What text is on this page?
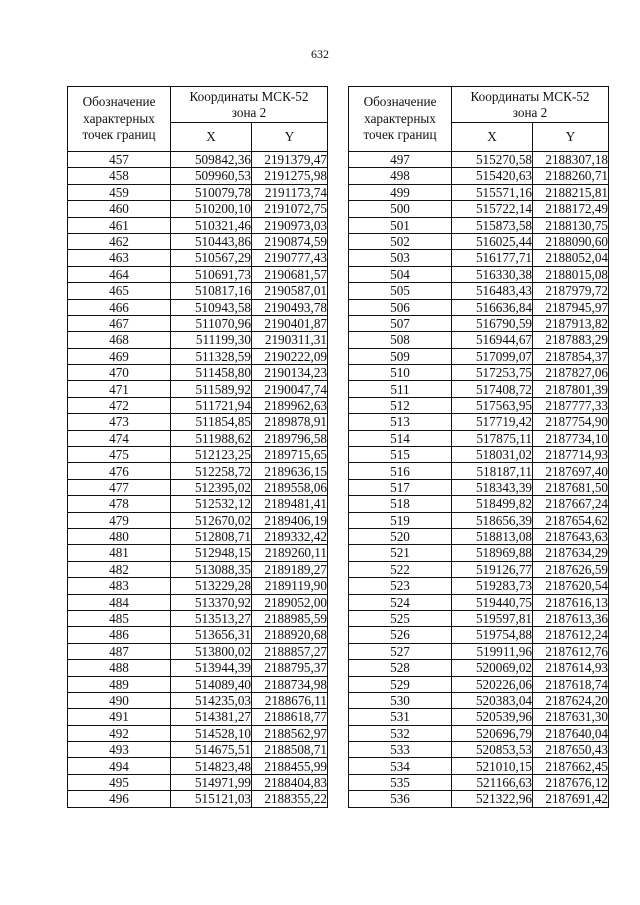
632
Обозначение
характерных
точек границ	Координаты МСК-52
зона 2	

	X	Y
457	509842,36	2191379,47
458	509960,53	2191275,98
459	510079,78	2191173,74
460	510200,10	2191072,75
461	510321,46	2190973,03
462	510443,86	2190874,59
463	510567,29	2190777,43
464	510691,73	2190681,57
465	510817,16	2190587,01
466	510943,58	2190493,78
467	511070,96	2190401,87
468	511199,30	2190311,31
469	511328,59	2190222,09
470	511458,80	2190134,23
471	511589,92	2190047,74
472	511721,94	2189962,63
473	511854,85	2189878,91
474	511988,62	2189796,58
475	512123,25	2189715,65
476	512258,72	2189636,15
477	512395,02	2189558,06
478	512532,12	2189481,41
479	512670,02	2189406,19
480	512808,71	2189332,42
481	512948,15	2189260,11
482	513088,35	2189189,27
483	513229,28	2189119,90
484	513370,92	2189052,00
485	513513,27	2188985,59
486	513656,31	2188920,68
487	513800,02	2188857,27
488	513944,39	2188795,37
489	514089,40	2188734,98
490	514235,03	2188676,11
491	514381,27	2188618,77
492	514528,10	2188562,97
493	514675,51	2188508,71
494	514823,48	2188455,99
495	514971,99	2188404,83
496	515121,03	2188355,22
Обозначение
характерных
точек границ	Координаты МСК-52
зона 2	

	X	Y
497	515270,58	2188307,18
498	515420,63	2188260,71
499	515571,16	2188215,81
500	515722,14	2188172,49
501	515873,58	2188130,75
502	516025,44	2188090,60
503	516177,71	2188052,04
504	516330,38	2188015,08
505	516483,43	2187979,72
506	516636,84	2187945,97
507	516790,59	2187913,82
508	516944,67	2187883,29
509	517099,07	2187854,37
510	517253,75	2187827,06
511	517408,72	2187801,39
512	517563,95	2187777,33
513	517719,42	2187754,90
514	517875,11	2187734,10
515	518031,02	2187714,93
516	518187,11	2187697,40
517	518343,39	2187681,50
518	518499,82	2187667,24
519	518656,39	2187654,62
520	518813,08	2187643,63
521	518969,88	2187634,29
522	519126,77	2187626,59
523	519283,73	2187620,54
524	519440,75	2187616,13
525	519597,81	2187613,36
526	519754,88	2187612,24
527	519911,96	2187612,76
528	520069,02	2187614,93
529	520226,06	2187618,74
530	520383,04	2187624,20
531	520539,96	2187631,30
532	520696,79	2187640,04
533	520853,53	2187650,43
534	521010,15	2187662,45
535	521166,63	2187676,12
536	521322,96	2187691,42
